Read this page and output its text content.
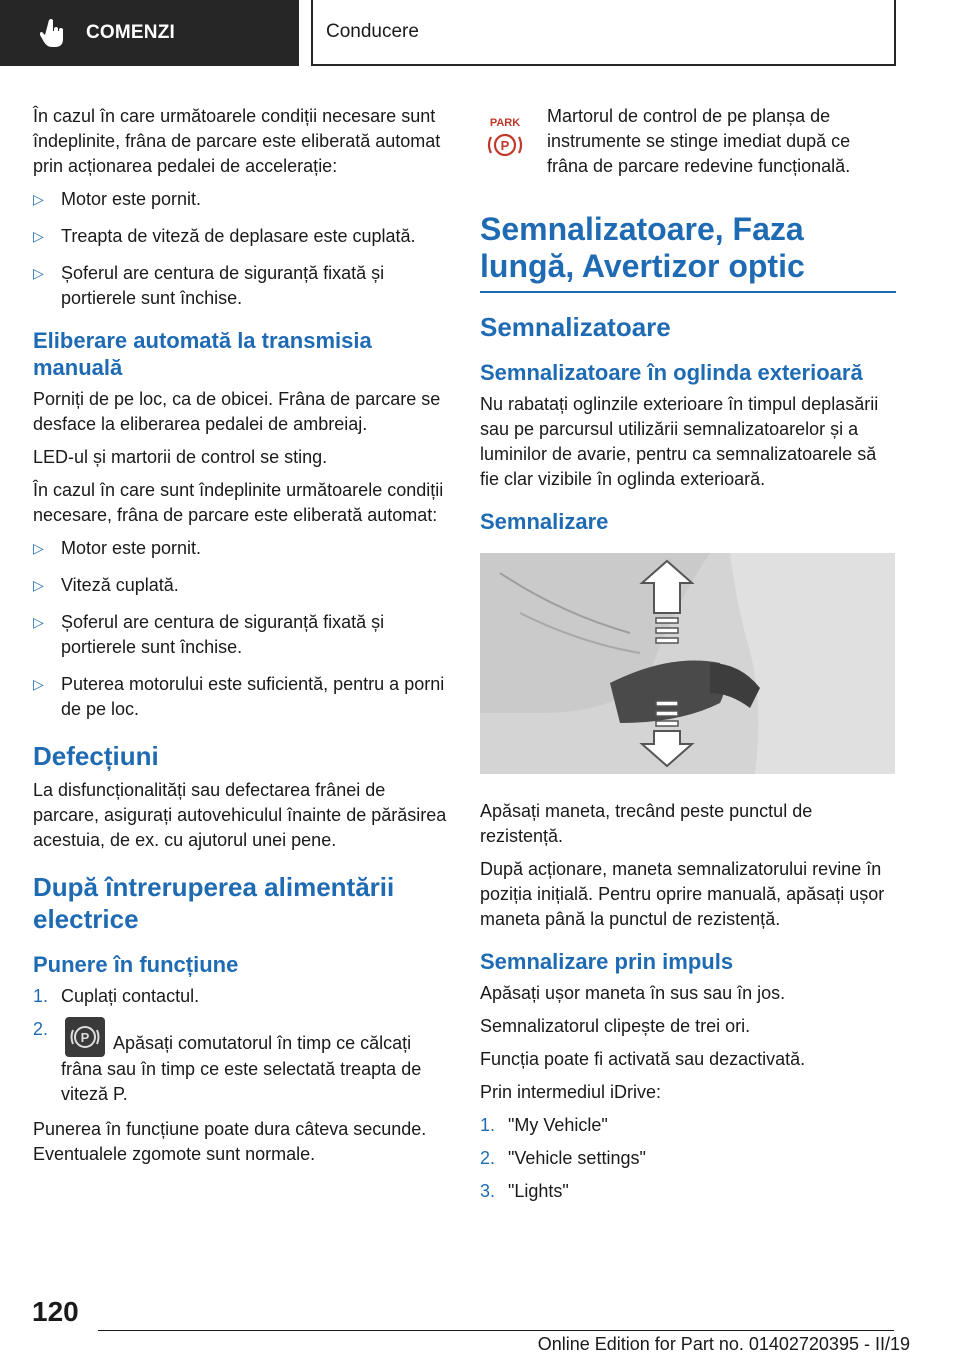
COMENZI	Conducere

În cazul în care următoarele condiții necesare sunt îndeplinite, frâna de parcare este eliberată automat prin acționarea pedalei de accelerație:

▷ Motor este pornit.
▷ Treapta de viteză de deplasare este cuplată.
▷ Șoferul are centura de siguranță fixată și portierele sunt închise.
Eliberare automată la transmisia manuală

Porniți de pe loc, ca de obicei. Frâna de parcare se desface la eliberarea pedalei de ambreiaj.

LED-ul și martorii de control se sting.

În cazul în care sunt îndeplinite următoarele condiții necesare, frâna de parcare este eliberată automat:

▷ Motor este pornit.
▷ Viteză cuplată.
▷ Șoferul are centura de siguranță fixată și portierele sunt închise.
▷ Puterea motorului este suficientă, pentru a porni de pe loc.
Defecțiuni

La disfuncționalități sau defectarea frânei de parcare, asigurați autovehiculul înainte de părăsirea acestuia, de ex. cu ajutorul unei pene.

După întreruperea alimentării electrice
Punere în funcțiune
1. Cuplați contactul.
2.	P Apăsați comutatorul în timp ce călcați frâna sau în timp ce este selectată treapta de viteză P.

Punerea în funcțiune poate dura câteva secunde. Eventualele zgomote sunt normale.

PARK
P

Martorul de control de pe planșa de instrumente se stinge imediat după ce frâna de parcare redevine funcțională.

Semnalizatoare, Faza lungă, Avertizor optic
Semnalizatoare
Semnalizatoare în oglinda exterioară

Nu rabatați oglinzile exterioare în timpul deplasării sau pe parcursul utilizării semnalizatoarelor și a luminilor de avarie, pentru ca semnalizatoarele să fie clar vizibile în oglinda exterioară.

Semnalizare

Apăsați maneta, trecând peste punctul de rezistență.

După acționare, maneta semnalizatorului revine în poziția inițială. Pentru oprire manuală, apăsați ușor maneta până la punctul de rezistență.

Semnalizare prin impuls

Apăsați ușor maneta în sus sau în jos.

Semnalizatorul clipește de trei ori.

Funcția poate fi activată sau dezactivată.

Prin intermediul iDrive:

1. "My Vehicle"
2. "Vehicle settings"
3. "Lights"
120
Online Edition for Part no. 01402720395 - II/19
